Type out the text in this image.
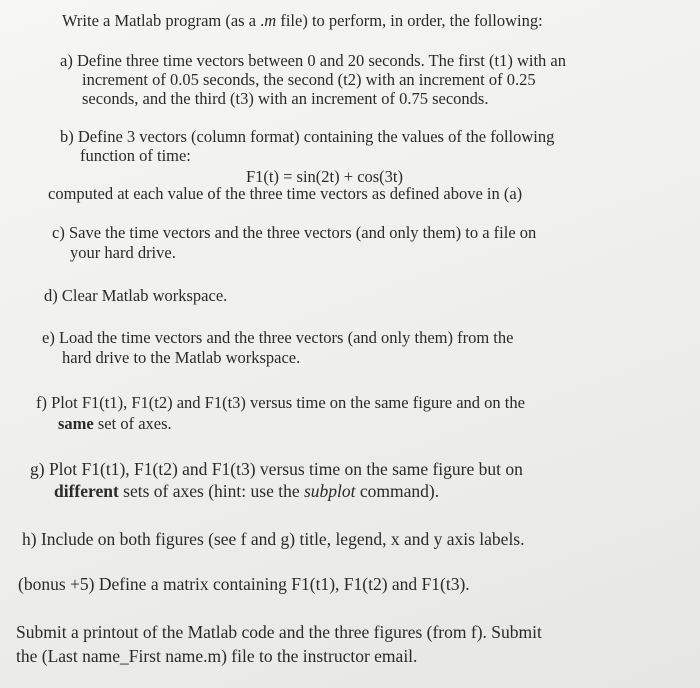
Write a Matlab program (as a .m file) to perform, in order, the following:
a) Define three time vectors between 0 and 20 seconds. The first (t1) with an
increment of 0.05 seconds, the second (t2) with an increment of 0.25
seconds, and the third (t3) with an increment of 0.75 seconds.
b) Define 3 vectors (column format) containing the values of the following
function of time:
F1(t) = sin(2t) + cos(3t)
computed at each value of the three time vectors as defined above in (a)
c) Save the time vectors and the three vectors (and only them) to a file on
your hard drive.
d) Clear Matlab workspace.
e) Load the time vectors and the three vectors (and only them) from the
hard drive to the Matlab workspace.
f) Plot F1(t1), F1(t2) and F1(t3) versus time on the same figure and on the
same set of axes.
g) Plot F1(t1), F1(t2) and F1(t3) versus time on the same figure but on
different sets of axes (hint: use the subplot command).
h) Include on both figures (see f and g) title, legend, x and y axis labels.
(bonus +5) Define a matrix containing F1(t1), F1(t2) and F1(t3).
Submit a printout of the Matlab code and the three figures (from f). Submit
the (Last name_First name.m) file to the instructor email.
